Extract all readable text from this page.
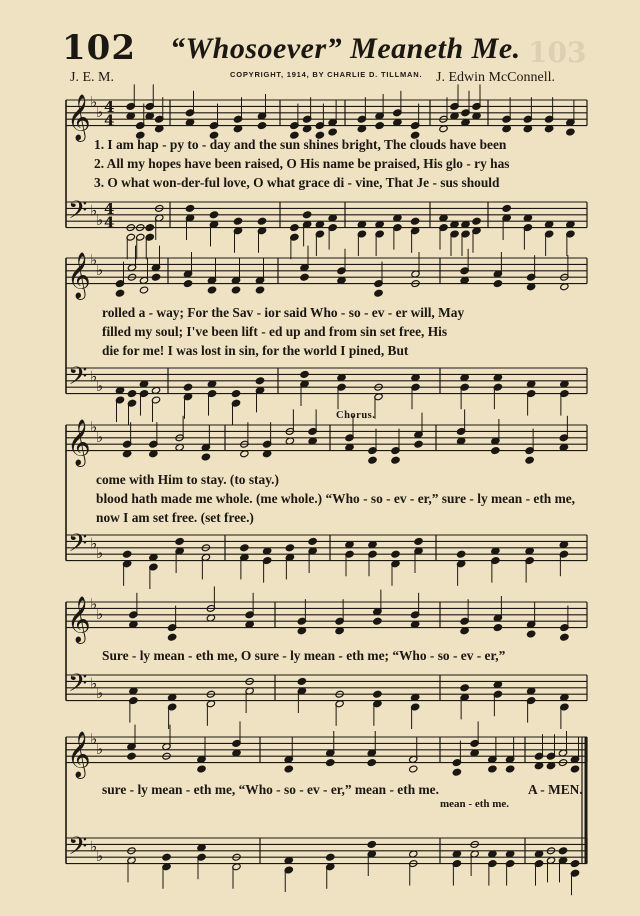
102 “Whosoever” Meaneth Me. 103
J. E. M.	COPYRIGHT, 1914, BY CHARLIE D. TILLMAN. J. Edwin McConnell.
4
4
𝄞 ♭
♭
4
4
𝄢 ♭
♭
𝄞 ♭
♭
𝄢 ♭
♭
𝄞 ♭
♭
𝄢 ♭
♭
𝄞 ♭
♭
𝄢 ♭
♭
𝄞 ♭
♭
𝄢 ♭
♭
1. I am hap - py to - day and the sun shines bright, The clouds have been
2. All my hopes have been raised, O His name be praised, His glo - ry has
3. O what won-der-ful love, O what grace di - vine, That Je - sus should
rolled a - way; For the Sav - ior said Who - so - ev - er will, May
filled my soul; I've been lift - ed up and from sin set free, His
die for me! I was lost in sin, for the world I pined, But
Chorus.
come with Him to stay. (to stay.)
blood hath made me whole. (me whole.) “Who - so - ev - er,” sure - ly mean - eth me,
now I am set free. (set free.)
Sure - ly mean - eth me, O sure - ly mean - eth me; “Who - so - ev - er,”
sure - ly mean - eth me, “Who - so - ev - er,” mean - eth me.	A - MEN.
mean - eth me.
